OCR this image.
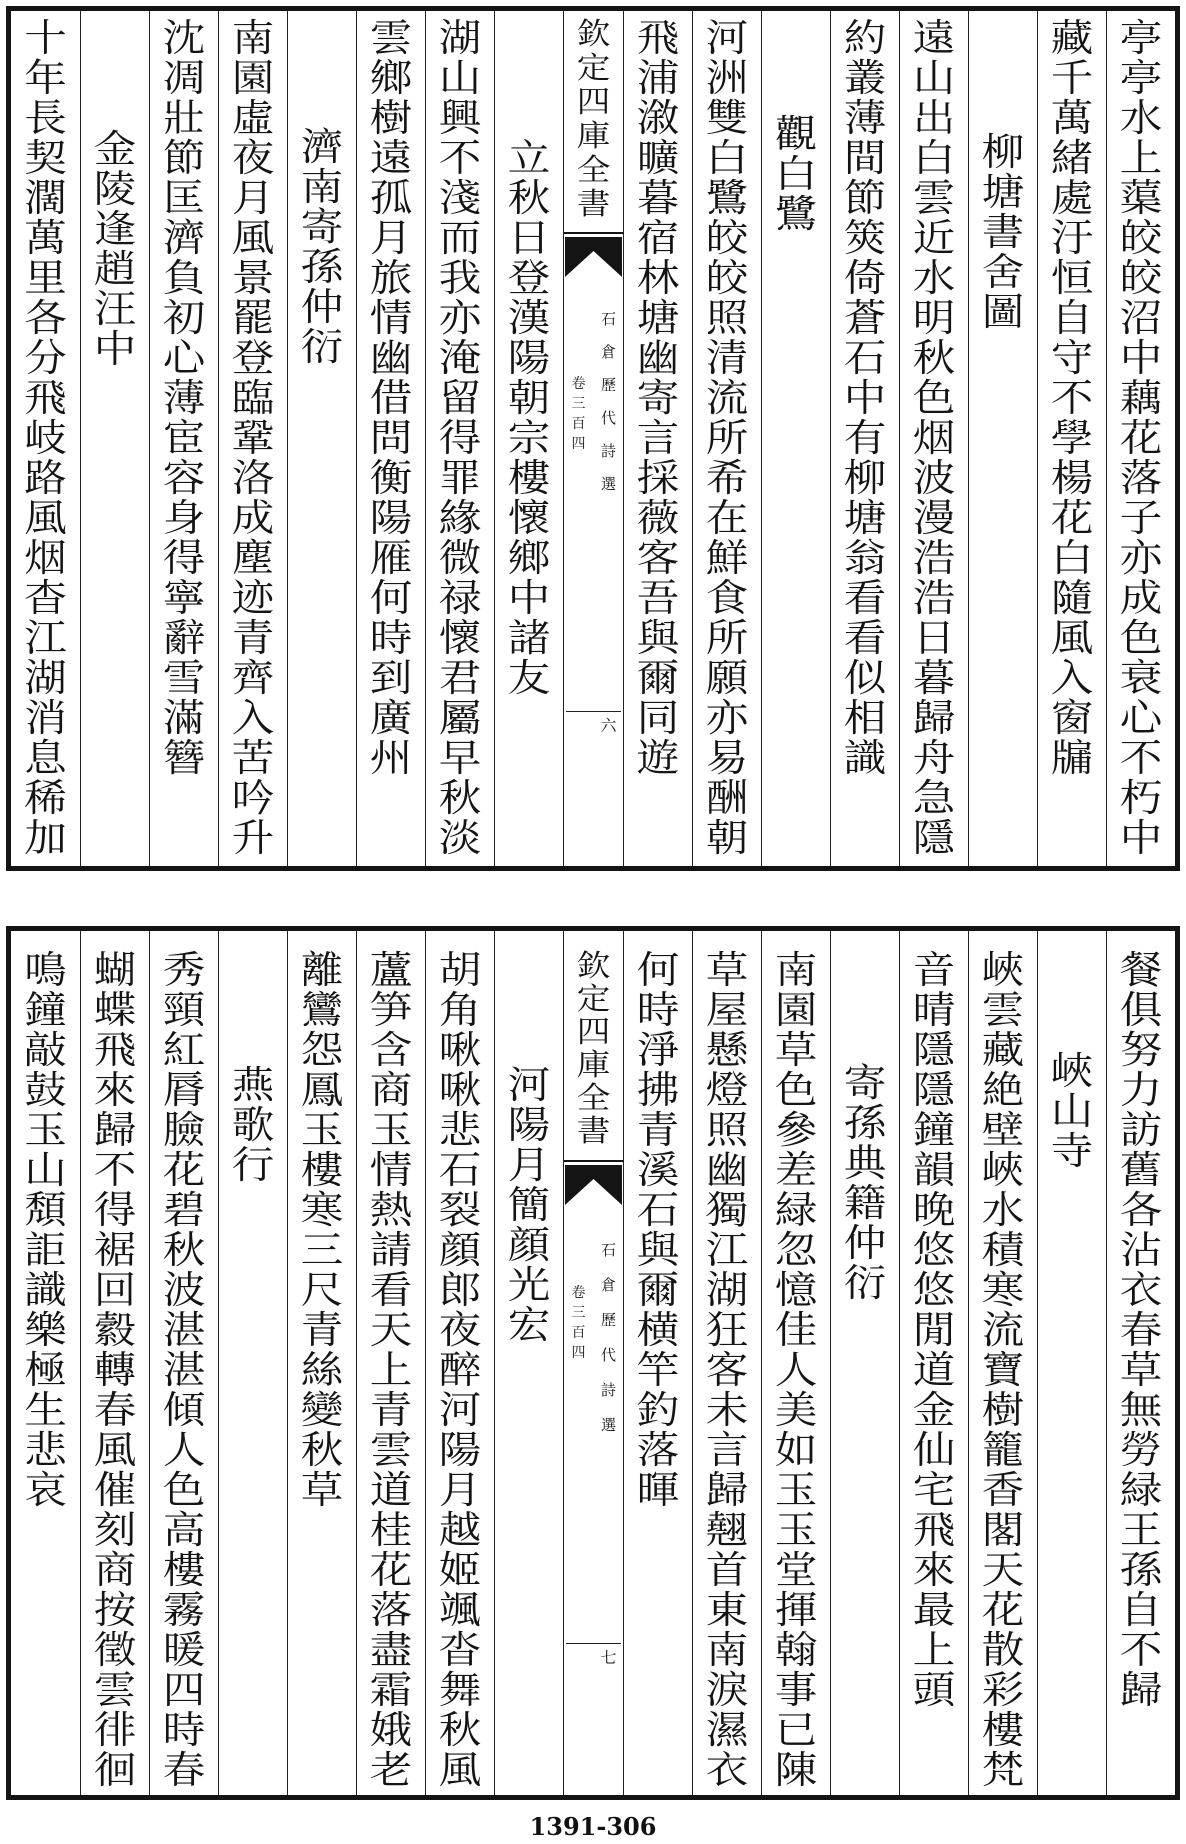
亭
亭
水
上
蕖
皎
皎
沼
中
藕
花
落
子
亦
成
色
衰
心
不
朽
中
藏
千
萬
緒
處
汙
恒
自
守
不
學
楊
花
白
隨
風
入
窗
牖
柳
塘
書
舍
圖
遠
山
出
白
雲
近
水
明
秋
色
烟
波
漫
浩
浩
日
暮
歸
舟
急
隱
約
叢
薄
間
節
筴
倚
蒼
石
中
有
柳
塘
翁
看
看
似
相
識
觀
白
鷺
河
洲
雙
白
鷺
皎
皎
照
清
流
所
希
在
鮮
食
所
願
亦
易
酬
朝
飛
浦
漵
曠
暮
宿
林
塘
幽
寄
言
採
薇
客
吾
與
爾
同
遊
欽
定
四
庫
全
書
石
倉
歷
代
詩
選
卷
三
百
四
六
立
秋
日
登
漢
陽
朝
宗
樓
懷
鄉
中
諸
友
湖
山
興
不
淺
而
我
亦
淹
留
得
罪
緣
微
禄
懷
君
屬
早
秋
淡
雲
鄉
樹
遠
孤
月
旅
情
幽
借
問
衡
陽
雁
何
時
到
廣
州
濟
南
寄
孫
仲
衍
南
園
虛
夜
月
風
景
罷
登
臨
鞏
洛
成
塵
迹
青
齊
入
苦
吟
升
沈
凋
壯
節
匡
濟
負
初
心
薄
宦
容
身
得
寧
辭
雪
滿
簪
金
陵
逢
趙
汪
中
十
年
長
契
濶
萬
里
各
分
飛
岐
路
風
烟
杳
江
湖
消
息
稀
加
餐
俱
努
力
訪
舊
各
沾
衣
春
草
無
勞
緑
王
孫
自
不
歸
峽
山
寺
峽
雲
藏
絶
壁
峽
水
積
寒
流
寶
樹
籠
香
閣
天
花
散
彩
樓
梵
音
晴
隱
隱
鐘
韻
晚
悠
悠
閒
道
金
仙
宅
飛
來
最
上
頭
寄
孫
典
籍
仲
衍
南
園
草
色
參
差
緑
忽
憶
佳
人
美
如
玉
玉
堂
揮
翰
事
已
陳
草
屋
懸
燈
照
幽
獨
江
湖
狂
客
未
言
歸
翹
首
東
南
淚
濕
衣
何
時
淨
拂
青
溪
石
與
爾
横
竿
釣
落
暉
欽
定
四
庫
全
書
石
倉
歷
代
詩
選
卷
三
百
四
七
河
陽
月
簡
顔
光
宏
胡
角
啾
啾
悲
石
裂
顔
郎
夜
醉
河
陽
月
越
姬
颯
沓
舞
秋
風
蘆
笋
含
商
玉
情
熱
請
看
天
上
青
雲
道
桂
花
落
盡
霜
娥
老
離
鸞
怨
鳳
玉
樓
寒
三
尺
青
絲
變
秋
草
燕
歌
行
秀
頸
紅
脣
臉
花
碧
秋
波
湛
湛
傾
人
色
高
樓
霧
暖
四
時
春
蝴
蝶
飛
來
歸
不
得
裾
回
縠
轉
春
風
催
刻
商
按
徵
雲
徘
徊
鳴
鐘
敲
鼓
玉
山
頽
詎
識
樂
極
生
悲
哀
1391-306
